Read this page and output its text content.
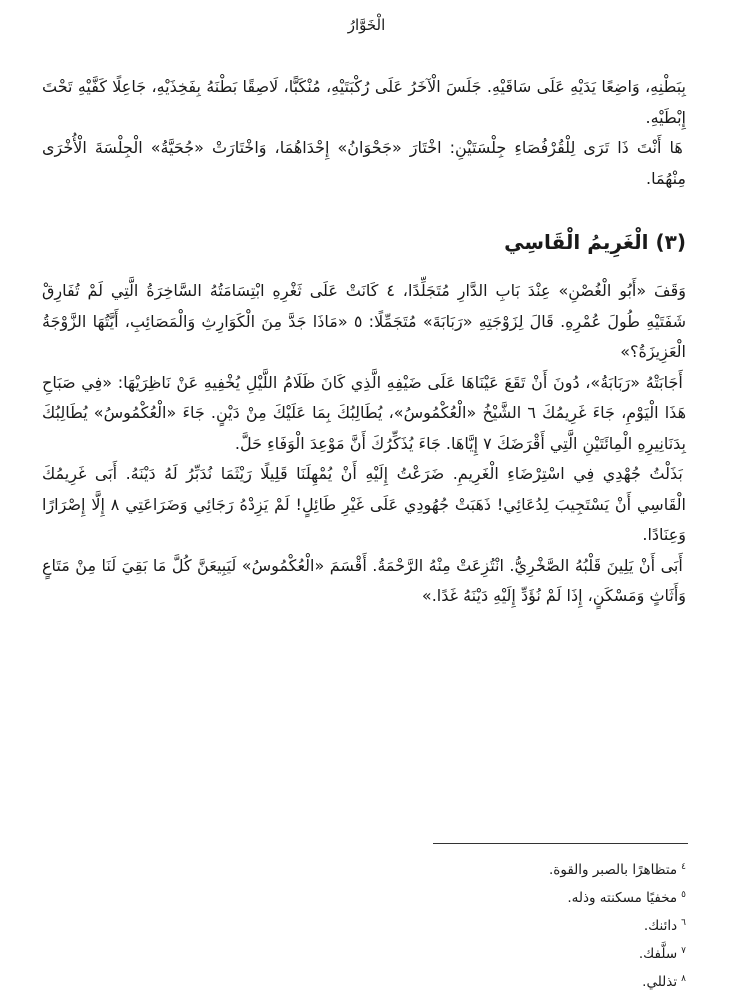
الْخَوَّارُ

بِبَطْنِهِ، وَاضِعًا يَدَيْهِ عَلَى سَاقَيْهِ. جَلَسَ الْآخَرُ عَلَى رُكْبَتَيْهِ، مُنْكَبًّا، لَاصِقًا بَطْنَهُ بِفَخِذَيْهِ، جَاعِلًا كَفَّيْهِ تَحْتَ إِبْطَيْهِ.

هَا أَنْتَ ذَا تَرَى لِلْقُرْفُصَاءِ جِلْسَتَيْنِ: اخْتَارَ «جَحْوَانُ» إِحْدَاهُمَا، وَاخْتَارَتْ «جُحَيَّةُ» الْجِلْسَةَ الْأُخْرَى مِنْهُمَا.

(٣) الْغَرِيمُ الْقَاسِي

وَقَفَ «أَبُو الْغُصْنِ» عِنْدَ بَابِ الدَّارِ مُتَجَلِّدًا، ٤ كَانَتْ عَلَى ثَغْرِهِ ابْتِسَامَتُهُ السَّاخِرَةُ الَّتِي لَمْ تُفَارِقْ شَفَتَيْهِ طُولَ عُمْرِهِ. قَالَ لِزَوْجَتِهِ «رَبَابَةَ» مُتَجَمِّلًا: ٥ «مَاذَا جَدَّ مِنَ الْكَوَارِثِ وَالْمَصَائِبِ، أَيَّتُهَا الزَّوْجَةُ الْعَزِيزَةُ؟»

أَجَابَتْهُ «رَبَابَةُ»، دُونَ أَنْ تَقَعَ عَيْنَاهَا عَلَى ضَيْفِهِ الَّذِي كَانَ ظَلَامُ اللَّيْلِ يُخْفِيهِ عَنْ نَاظِرَيْهَا: «فِي صَبَاحِ هَذَا الْيَوْمِ، جَاءَ غَرِيمُكَ ٦ الشَّيْخُ «الْعُكْمُوسُ»، يُطَالِبُكَ بِمَا عَلَيْكَ مِنْ دَيْنٍ. جَاءَ «الْعُكْمُوسُ» يُطَالِبُكَ بِدَنَانِيرِهِ الْمِائَتَيْنِ الَّتِي أَقْرَضَكَ ٧ إِيَّاهَا. جَاءَ يُذَكِّرُكَ أَنَّ مَوْعِدَ الْوَفَاءِ حَلَّ.

بَذَلْتُ جُهْدِي فِي اسْتِرْضَاءِ الْغَرِيمِ. ضَرَعْتُ إِلَيْهِ أَنْ يُمْهِلَنَا قَلِيلًا رَيْثَمَا نُدَبِّرُ لَهُ دَيْنَهُ. أَبَى غَرِيمُكَ الْقَاسِي أَنْ يَسْتَجِيبَ لِدُعَائِي! ذَهَبَتْ جُهُودِي عَلَى غَيْرِ طَائِلٍ! لَمْ يَزِدْهُ رَجَائِي وَضَرَاعَتِي ٨ إِلَّا إِصْرَارًا وَعِنَادًا.

أَبَى أَنْ يَلِينَ قَلْبُهُ الصَّخْرِيُّ. انْتُزِعَتْ مِنْهُ الرَّحْمَةُ. أَقْسَمَ «الْعُكْمُوسُ» لَيَبِيعَنَّ كُلَّ مَا بَقِيَ لَنَا مِنْ مَتَاعٍ وَأَثَاثٍ وَمَسْكَنٍ، إِذَا لَمْ نُؤَدِّ إِلَيْهِ دَيْنَهُ غَدًا.»

$^٤$متظاهرًا بالصبر والقوة.
$^٥$مخفيًا مسكنته وذله.
$^٦$دائنك.
$^٧$سلَّفك.
$^٨$تذللي.
